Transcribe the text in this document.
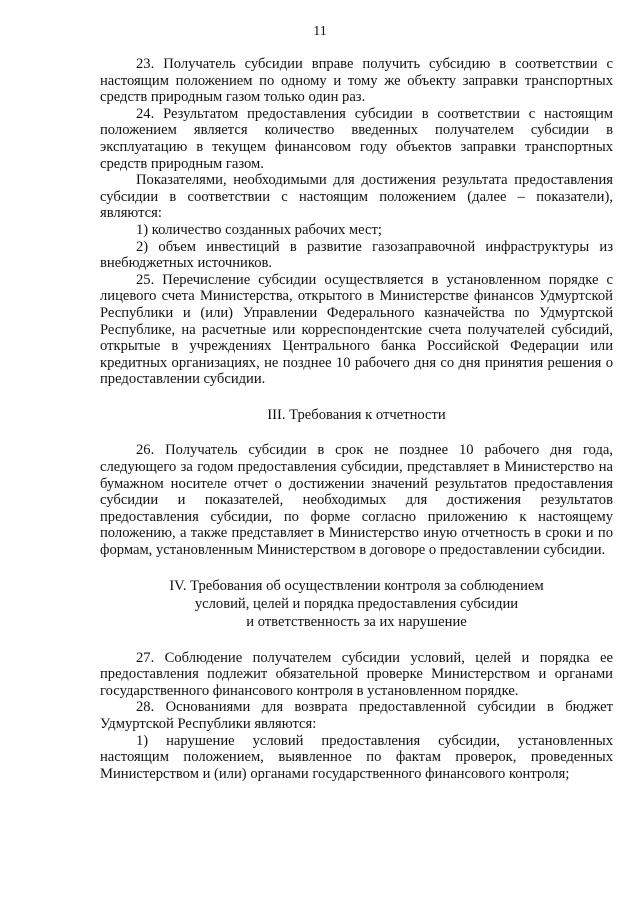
11

23. Получатель субсидии вправе получить субсидию в соответствии с настоящим положением по одному и тому же объекту заправки транспортных средств природным газом только один раз.

24. Результатом предоставления субсидии в соответствии с настоящим положением является количество введенных получателем субсидии в эксплуатацию в текущем финансовом году объектов заправки транспортных средств природным газом.

Показателями, необходимыми для достижения результата предоставления субсидии в соответствии с настоящим положением (далее – показатели), являются:

1) количество созданных рабочих мест;

2) объем инвестиций в развитие газозаправочной инфраструктуры из внебюджетных источников.

25. Перечисление субсидии осуществляется в установленном порядке с лицевого счета Министерства, открытого в Министерстве финансов Удмуртской Республики и (или) Управлении Федерального казначейства по Удмуртской Республике, на расчетные или корреспондентские счета получателей субсидий, открытые в учреждениях Центрального банка Российской Федерации или кредитных организациях, не позднее 10 рабочего дня со дня принятия решения о предоставлении субсидии.

III. Требования к отчетности

26. Получатель субсидии в срок не позднее 10 рабочего дня года, следующего за годом предоставления субсидии, представляет в Министерство на бумажном носителе отчет о достижении значений результатов предоставления субсидии и показателей, необходимых для достижения результатов предоставления субсидии, по форме согласно приложению к настоящему положению, а также представляет в Министерство иную отчетность в сроки и по формам, установленным Министерством в договоре о предоставлении субсидии.

IV. Требования об осуществлении контроля за соблюдением
условий, целей и порядка предоставления субсидии
и ответственность за их нарушение

27. Соблюдение получателем субсидии условий, целей и порядка ее предоставления подлежит обязательной проверке Министерством и органами государственного финансового контроля в установленном порядке.

28. Основаниями для возврата предоставленной субсидии в бюджет Удмуртской Республики являются:

1) нарушение условий предоставления субсидии, установленных настоящим положением, выявленное по фактам проверок, проведенных Министерством и (или) органами государственного финансового контроля;
